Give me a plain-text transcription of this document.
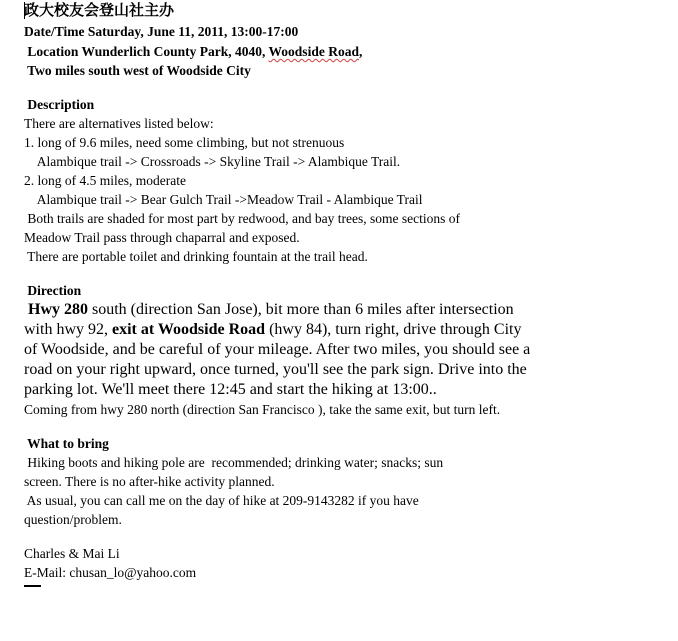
政大校友会登山社主办
Date/Time Saturday, June 11, 2011, 13:00-17:00
Location Wunderlich County Park, 4040, Woodside Road,
Two miles south west of Woodside City
Description
There are alternatives listed below:
1. long of 9.6 miles, need some climbing, but not strenuous
Alambique trail -> Crossroads -> Skyline Trail -> Alambique Trail.
2. long of 4.5 miles, moderate
Alambique trail -> Bear Gulch Trail ->Meadow Trail - Alambique Trail
Both trails are shaded for most part by redwood, and bay trees, some sections of
Meadow Trail pass through chaparral and exposed.
There are portable toilet and drinking fountain at the trail head.
Direction
Hwy 280 south (direction San Jose), bit more than 6 miles after intersection
with hwy 92, exit at Woodside Road (hwy 84), turn right, drive through City
of Woodside, and be careful of your mileage. After two miles, you should see a
road on your right upward, once turned, you'll see the park sign. Drive into the
parking lot. We'll meet there 12:45 and start the hiking at 13:00..
Coming from hwy 280 north (direction San Francisco ), take the same exit, but turn left.
What to bring
Hiking boots and hiking pole are  recommended; drinking water; snacks; sun
screen. There is no after-hike activity planned.
As usual, you can call me on the day of hike at 209-9143282 if you have
question/problem.
Charles & Mai Li
E-Mail: chusan_lo@yahoo.com
